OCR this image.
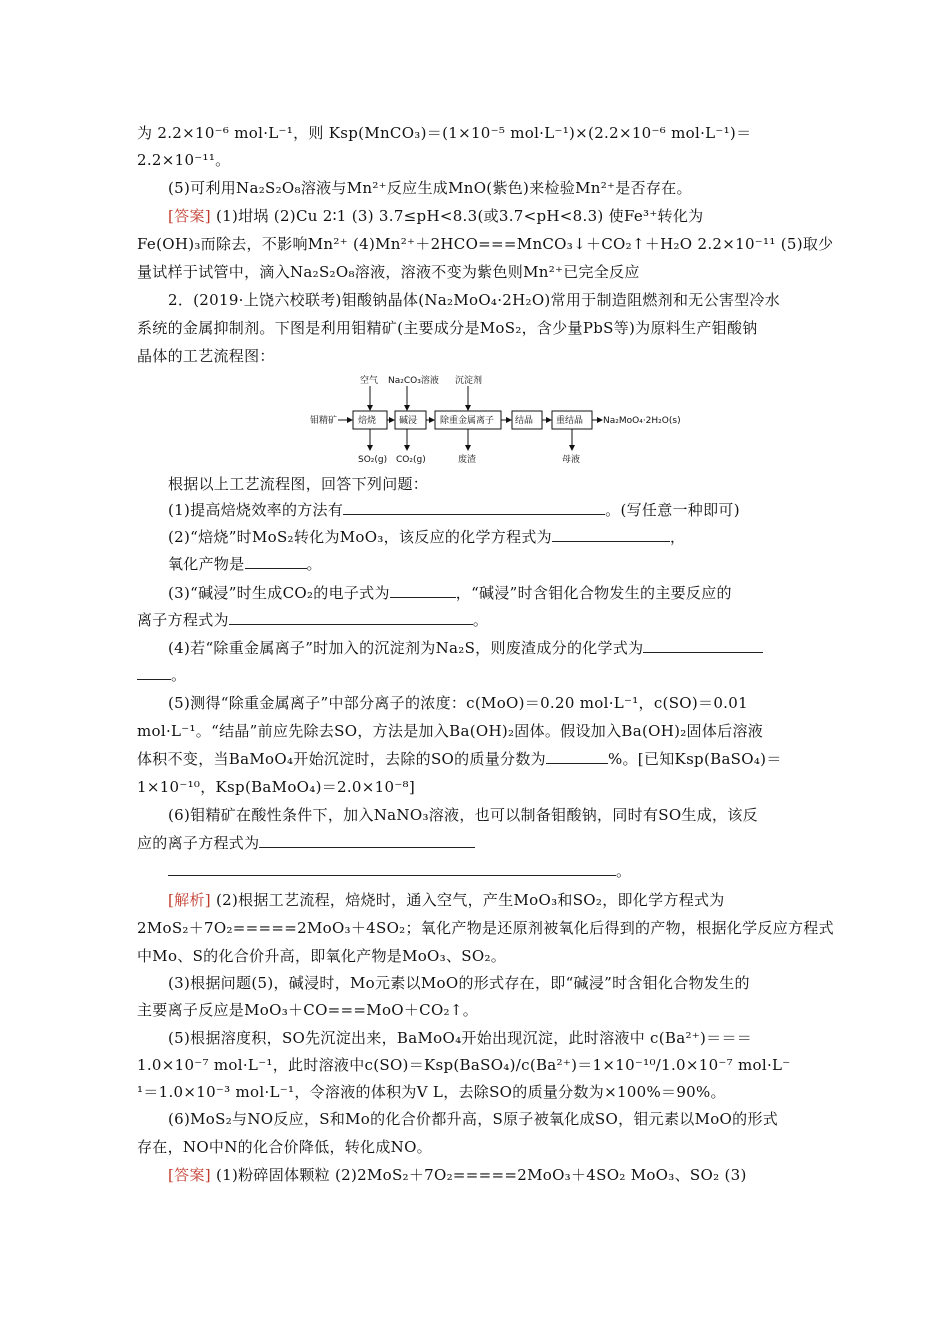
为 2.2×10⁻⁶ mol·L⁻¹，则 Ksp(MnCO₃)＝(1×10⁻⁵ mol·L⁻¹)×(2.2×10⁻⁶ mol·L⁻¹)＝
2.2×10⁻¹¹。
(5)可利用Na₂S₂O₈溶液与Mn²⁺反应生成MnO(紫色)来检验Mn²⁺是否存在。
[答案] (1)坩埚 (2)Cu 2∶1 (3) 3.7≤pH<8.3(或3.7<pH<8.3) 使Fe³⁺转化为
Fe(OH)₃而除去，不影响Mn²⁺ (4)Mn²⁺＋2HCO===MnCO₃↓＋CO₂↑＋H₂O 2.2×10⁻¹¹ (5)取少
量试样于试管中，滴入Na₂S₂O₈溶液，溶液不变为紫色则Mn²⁺已完全反应
2．(2019·上饶六校联考)钼酸钠晶体(Na₂MoO₄·2H₂O)常用于制造阻燃剂和无公害型冷水
系统的金属抑制剂。下图是利用钼精矿(主要成分是MoS₂，含少量PbS等)为原料生产钼酸钠
晶体的工艺流程图：
空气 Na₂CO₃溶液 沉淀剂
钼精矿 焙烧	碱浸	除重金属离子 结晶	重结晶 Na₂MoO₄·2H₂O(s)
SO₂(g) CO₂(g)	废渣	母液
根据以上工艺流程图，回答下列问题：
(1)提高焙烧效率的方法有	。(写任意一种即可)
(2)“焙烧”时MoS₂转化为MoO₃，该反应的化学方程式为	，
氧化产物是	。
(3)“碱浸”时生成CO₂的电子式为	，“碱浸”时含钼化合物发生的主要反应的
离子方程式为	。
(4)若“除重金属离子”时加入的沉淀剂为Na₂S，则废渣成分的化学式为
。
(5)测得“除重金属离子”中部分离子的浓度：c(MoO)＝0.20 mol·L⁻¹，c(SO)＝0.01
mol·L⁻¹。“结晶”前应先除去SO，方法是加入Ba(OH)₂固体。假设加入Ba(OH)₂固体后溶液
体积不变，当BaMoO₄开始沉淀时，去除的SO的质量分数为	%。[已知Ksp(BaSO₄)＝
1×10⁻¹⁰，Ksp(BaMoO₄)＝2.0×10⁻⁸]
(6)钼精矿在酸性条件下，加入NaNO₃溶液，也可以制备钼酸钠，同时有SO生成，该反
应的离子方程式为
。
[解析] (2)根据工艺流程，焙烧时，通入空气，产生MoO₃和SO₂，即化学方程式为
2MoS₂＋7O₂=====2MoO₃＋4SO₂；氧化产物是还原剂被氧化后得到的产物，根据化学反应方程式
中Mo、S的化合价升高，即氧化产物是MoO₃、SO₂。
(3)根据问题(5)，碱浸时，Mo元素以MoO的形式存在，即“碱浸”时含钼化合物发生的
主要离子反应是MoO₃＋CO===MoO＋CO₂↑。
(5)根据溶度积，SO先沉淀出来，BaMoO₄开始出现沉淀，此时溶液中 c(Ba²⁺)＝＝＝
1.0×10⁻⁷ mol·L⁻¹，此时溶液中c(SO)＝Ksp(BaSO₄)/c(Ba²⁺)＝1×10⁻¹⁰/1.0×10⁻⁷ mol·L⁻
¹＝1.0×10⁻³ mol·L⁻¹，令溶液的体积为V L，去除SO的质量分数为×100%＝90%。
(6)MoS₂与NO反应，S和Mo的化合价都升高，S原子被氧化成SO，钼元素以MoO的形式
存在，NO中N的化合价降低，转化成NO。
[答案] (1)粉碎固体颗粒 (2)2MoS₂＋7O₂=====2MoO₃＋4SO₂ MoO₃、SO₂ (3)
